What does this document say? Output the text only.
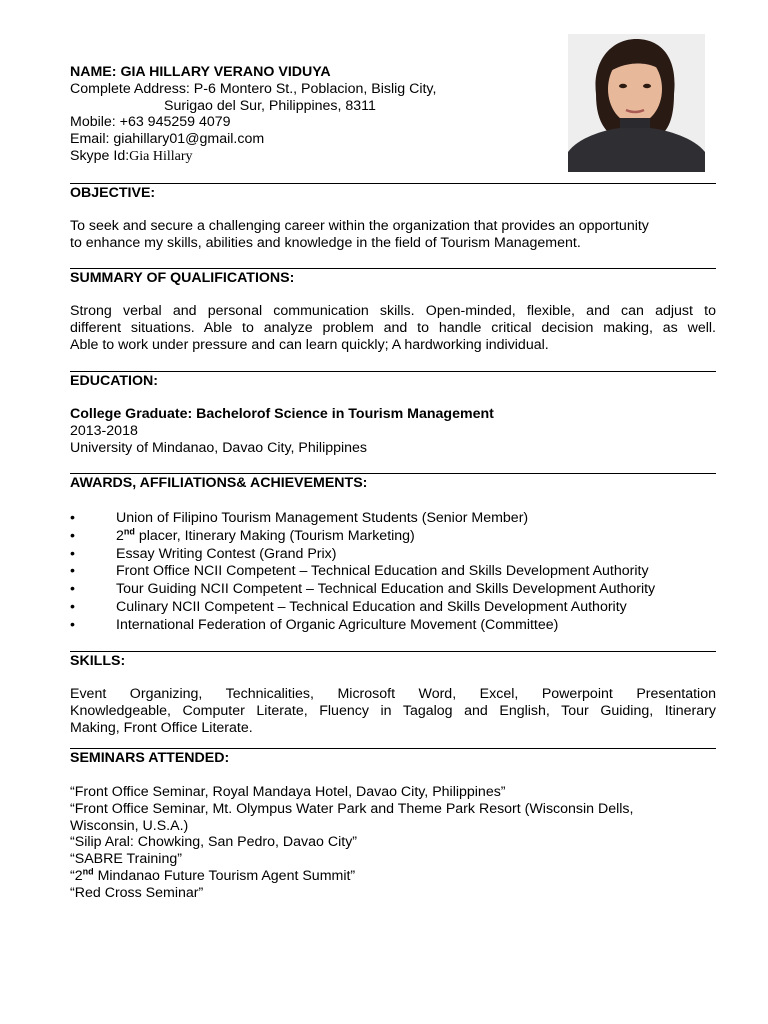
NAME: GIA HILLARY VERANO VIDUYA
Complete Address: P-6 Montero St., Poblacion, Bislig City,
Surigao del Sur, Philippines, 8311
Mobile: +63 945259 4079
Email: giahillary01@gmail.com
Skype Id:Gia Hillary
OBJECTIVE:
To seek and secure a challenging career within the organization that provides an opportunity
to enhance my skills, abilities and knowledge in the field of Tourism Management.
SUMMARY OF QUALIFICATIONS:
Strong verbal and personal communication skills. Open-minded, flexible, and can adjust to
different situations. Able to analyze problem and to handle critical decision making, as well.
Able to work under pressure and can learn quickly; A hardworking individual.
EDUCATION:
College Graduate: Bachelorof Science in Tourism Management
2013-2018
University of Mindanao, Davao City, Philippines
AWARDS, AFFILIATIONS& ACHIEVEMENTS:
•	Union of Filipino Tourism Management Students (Senior Member)
•	2nd placer, Itinerary Making (Tourism Marketing)
•	Essay Writing Contest (Grand Prix)
•	Front Office NCII Competent – Technical Education and Skills Development Authority
•	Tour Guiding NCII Competent – Technical Education and Skills Development Authority
•	Culinary NCII Competent – Technical Education and Skills Development Authority
•	International Federation of Organic Agriculture Movement (Committee)
SKILLS:
Event Organizing, Technicalities, Microsoft Word, Excel, Powerpoint Presentation
Knowledgeable, Computer Literate, Fluency in Tagalog and English, Tour Guiding, Itinerary
Making, Front Office Literate.
SEMINARS ATTENDED:
“Front Office Seminar, Royal Mandaya Hotel, Davao City, Philippines”
“Front Office Seminar, Mt. Olympus Water Park and Theme Park Resort (Wisconsin Dells,
Wisconsin, U.S.A.)
“Silip Aral: Chowking, San Pedro, Davao City”
“SABRE Training”
“2nd Mindanao Future Tourism Agent Summit”
“Red Cross Seminar”
